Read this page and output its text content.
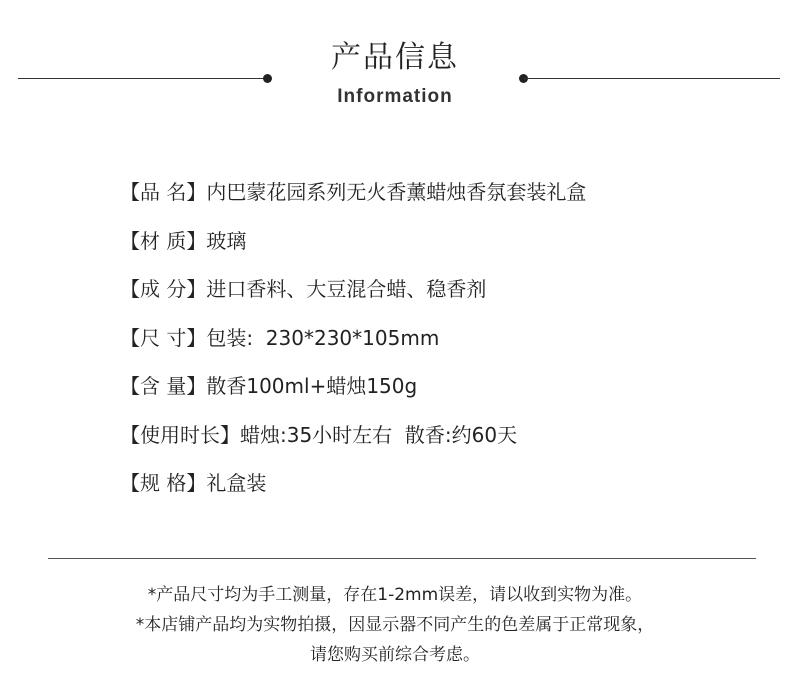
产品信息
Information
【品 名】内巴蒙花园系列无火香薰蜡烛香氛套装礼盒
【材 质】玻璃
【成 分】进口香料、大豆混合蜡、稳香剂
【尺 寸】包装:  230*230*105mm
【含 量】散香100ml+蜡烛150g
【使用时长】蜡烛:35小时左右  散香:约60天
【规 格】礼盒装
*产品尺寸均为手工测量，存在1-2mm误差，请以收到实物为准。
*本店铺产品均为实物拍摄，因显示器不同产生的色差属于正常现象，
请您购买前综合考虑。
